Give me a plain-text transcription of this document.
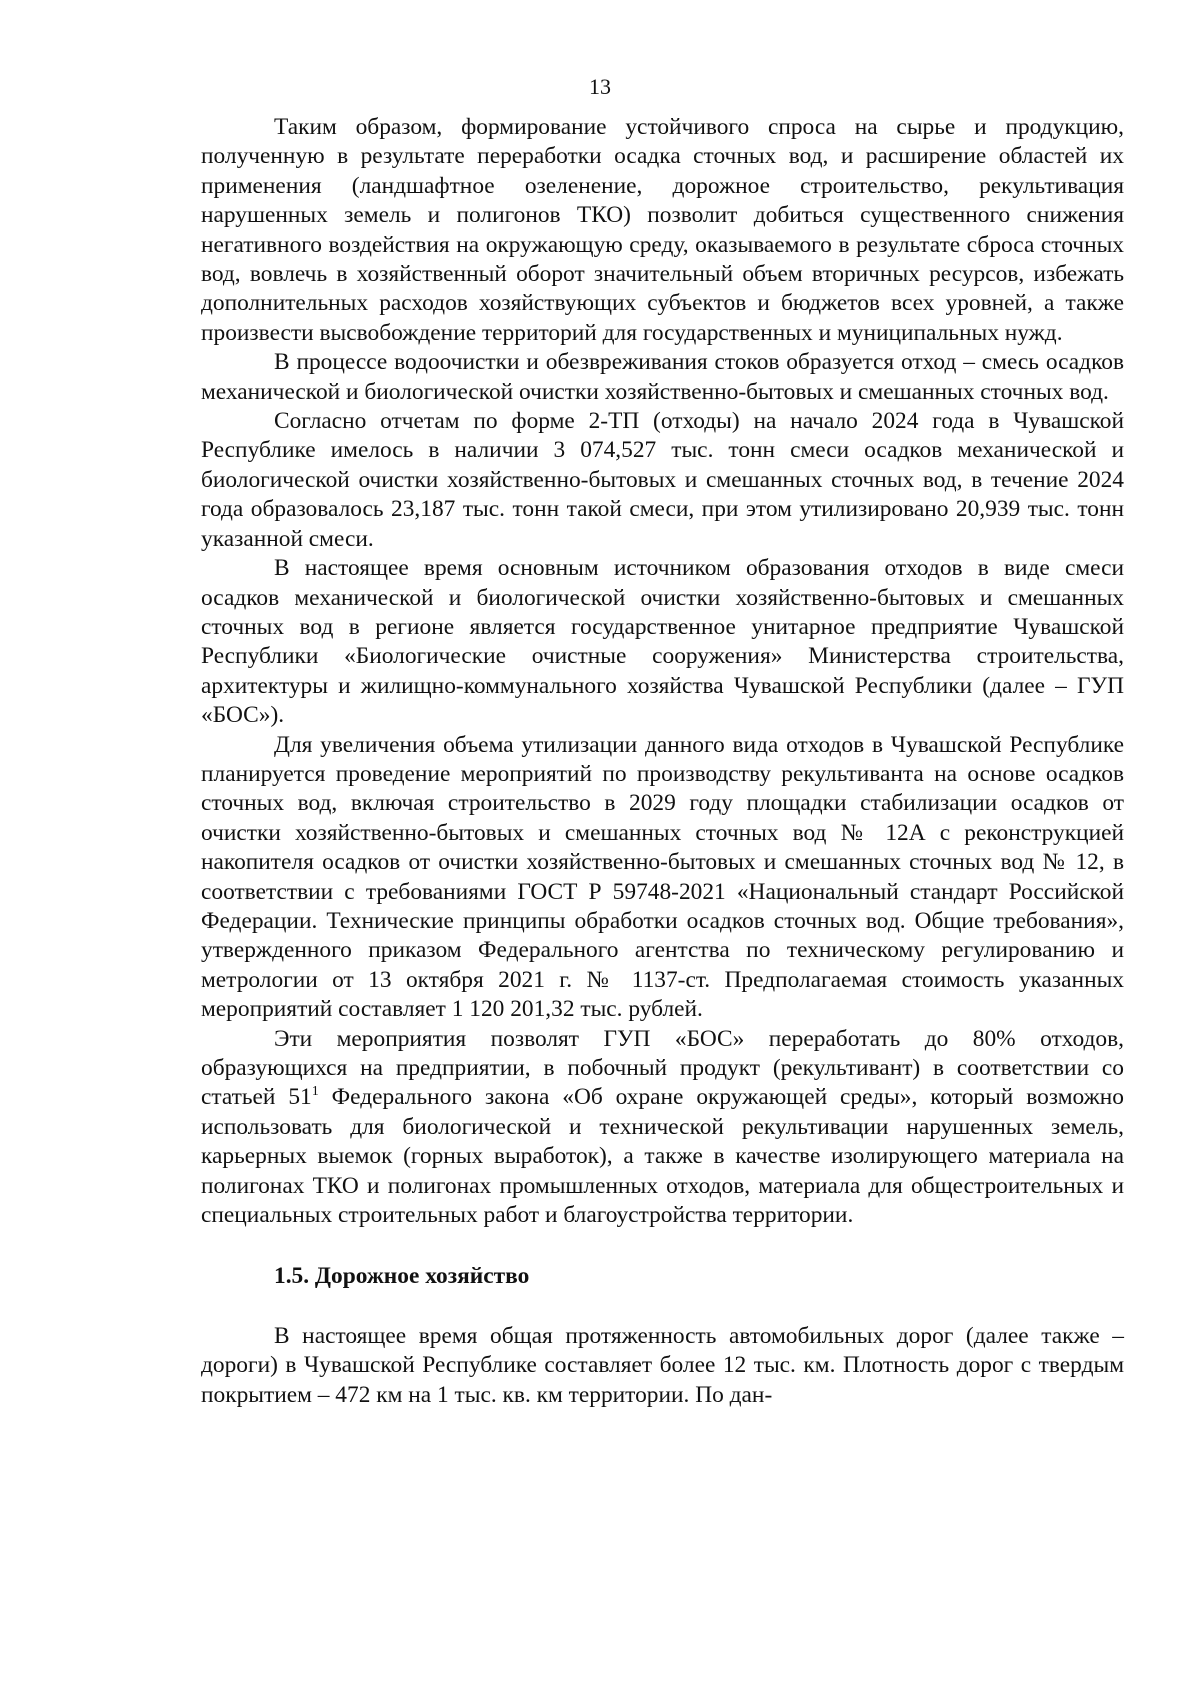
13

Таким образом, формирование устойчивого спроса на сырье и продукцию, полученную в результате переработки осадка сточных вод, и расширение областей их применения (ландшафтное озеленение, дорожное строительство, рекультивация нарушенных земель и полигонов ТКО) позволит добиться существенного снижения негативного воздействия на окружающую среду, оказываемого в результате сброса сточных вод, вовлечь в хозяйственный оборот значительный объем вторичных ресурсов, избежать дополнительных расходов хозяйствующих субъектов и бюджетов всех уровней, а также произвести высвобождение территорий для государственных и муниципальных нужд.

В процессе водоочистки и обезвреживания стоков образуется отход – смесь осадков механической и биологической очистки хозяйственно-бытовых и смешанных сточных вод.

Согласно отчетам по форме 2-ТП (отходы) на начало 2024 года в Чувашской Республике имелось в наличии 3 074,527 тыс. тонн смеси осадков механической и биологической очистки хозяйственно-бытовых и смешанных сточных вод, в течение 2024 года образовалось 23,187 тыс. тонн такой смеси, при этом утилизировано 20,939 тыс. тонн указанной смеси.

В настоящее время основным источником образования отходов в виде смеси осадков механической и биологической очистки хозяйственно-бытовых и смешанных сточных вод в регионе является государственное унитарное предприятие Чувашской Республики «Биологические очистные сооружения» Министерства строительства, архитектуры и жилищно-коммунального хозяйства Чувашской Республики (далее – ГУП «БОС»).

Для увеличения объема утилизации данного вида отходов в Чувашской Республике планируется проведение мероприятий по производству рекультиванта на основе осадков сточных вод, включая строительство в 2029 году площадки стабилизации осадков от очистки хозяйственно-бытовых и смешанных сточных вод № 12А с реконструкцией накопителя осадков от очистки хозяйственно-бытовых и смешанных сточных вод № 12, в соответствии с требованиями ГОСТ Р 59748-2021 «Национальный стандарт Российской Федерации. Технические принципы обработки осадков сточных вод. Общие требования», утвержденного приказом Федерального агентства по техническому регулированию и метрологии от 13 октября 2021 г. № 1137-ст. Предполагаемая стоимость указанных мероприятий составляет 1 120 201,32 тыс. рублей.

Эти мероприятия позволят ГУП «БОС» переработать до 80% отходов, образующихся на предприятии, в побочный продукт (рекультивант) в соответствии со статьей $51^1$ Федерального закона «Об охране окружающей среды», который возможно использовать для биологической и технической рекультивации нарушенных земель, карьерных выемок (горных выработок), а также в качестве изолирующего материала на полигонах ТКО и полигонах промышленных отходов, материала для общестроительных и специальных строительных работ и благоустройства территории.

1.5. Дорожное хозяйство

В настоящее время общая протяженность автомобильных дорог (далее также – дороги) в Чувашской Республике составляет более 12 тыс. км. Плотность дорог с твердым покрытием – 472 км на 1 тыс. кв. км территории. По дан-
